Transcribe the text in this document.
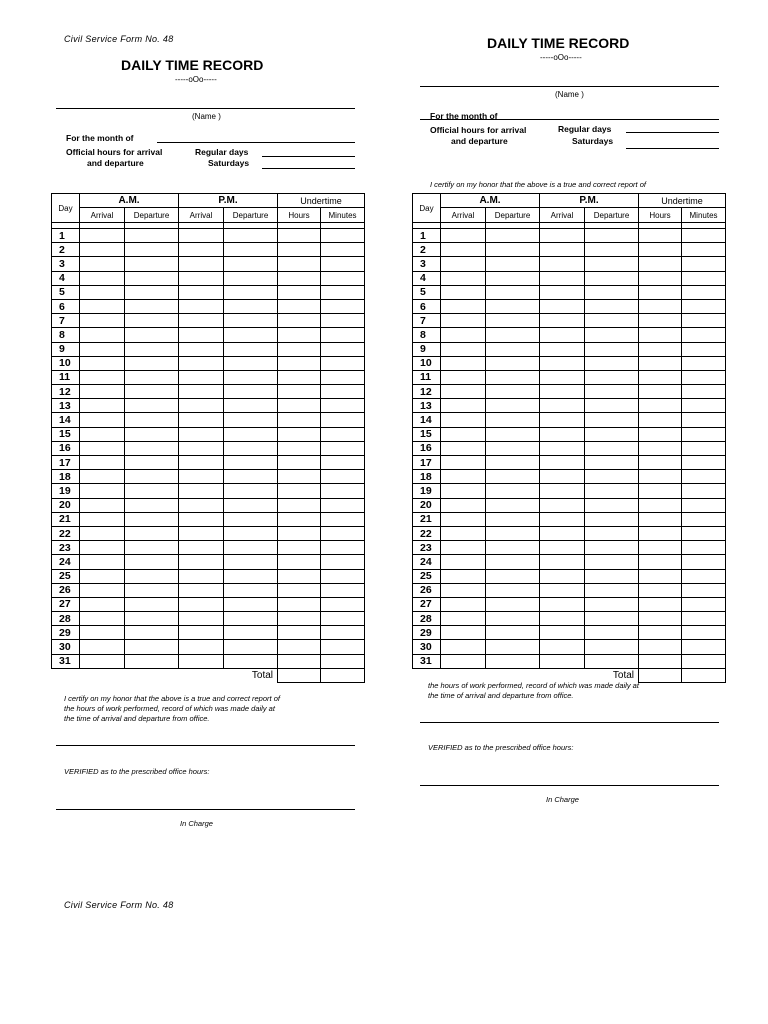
Civil Service Form No. 48
DAILY TIME RECORD
-----oOo-----
(Name )
For the month of
Official hours for arrival
and departure
Regular days
Saturdays
Day	A.M.		P.M.		Undertime	
	Arrival	Departure	Arrival	Departure	Hours	Minutes

1						
2						
3						
4						
5						
6						
7						
8						
9						
10						
11						
12						
13						
14						
15						
16						
17						
18						
19						
20						
21						
22						
23						
24						
25						
26						
27						
28						
29						
30						
31						
				Total		
I certify on my honor that the above is a true and correct report of
the hours of work performed, record of which was made daily at
the time of arrival and departure from office.
VERIFIED as to the prescribed office hours:
In Charge
Civil Service Form No. 48
DAILY TIME RECORD
-----oOo-----
(Name )
For the month of
Official hours for arrival
and departure
Regular days
Saturdays
I certify on my honor that the above is a true and correct report of
Day	A.M.		P.M.		Undertime	
	Arrival	Departure	Arrival	Departure	Hours	Minutes

1						
2						
3						
4						
5						
6						
7						
8						
9						
10						
11						
12						
13						
14						
15						
16						
17						
18						
19						
20						
21						
22						
23						
24						
25						
26						
27						
28						
29						
30						
31						
				Total		
the hours of work performed, record of which was made daily at
the time of arrival and departure from office.
VERIFIED as to the prescribed office hours:
In Charge
